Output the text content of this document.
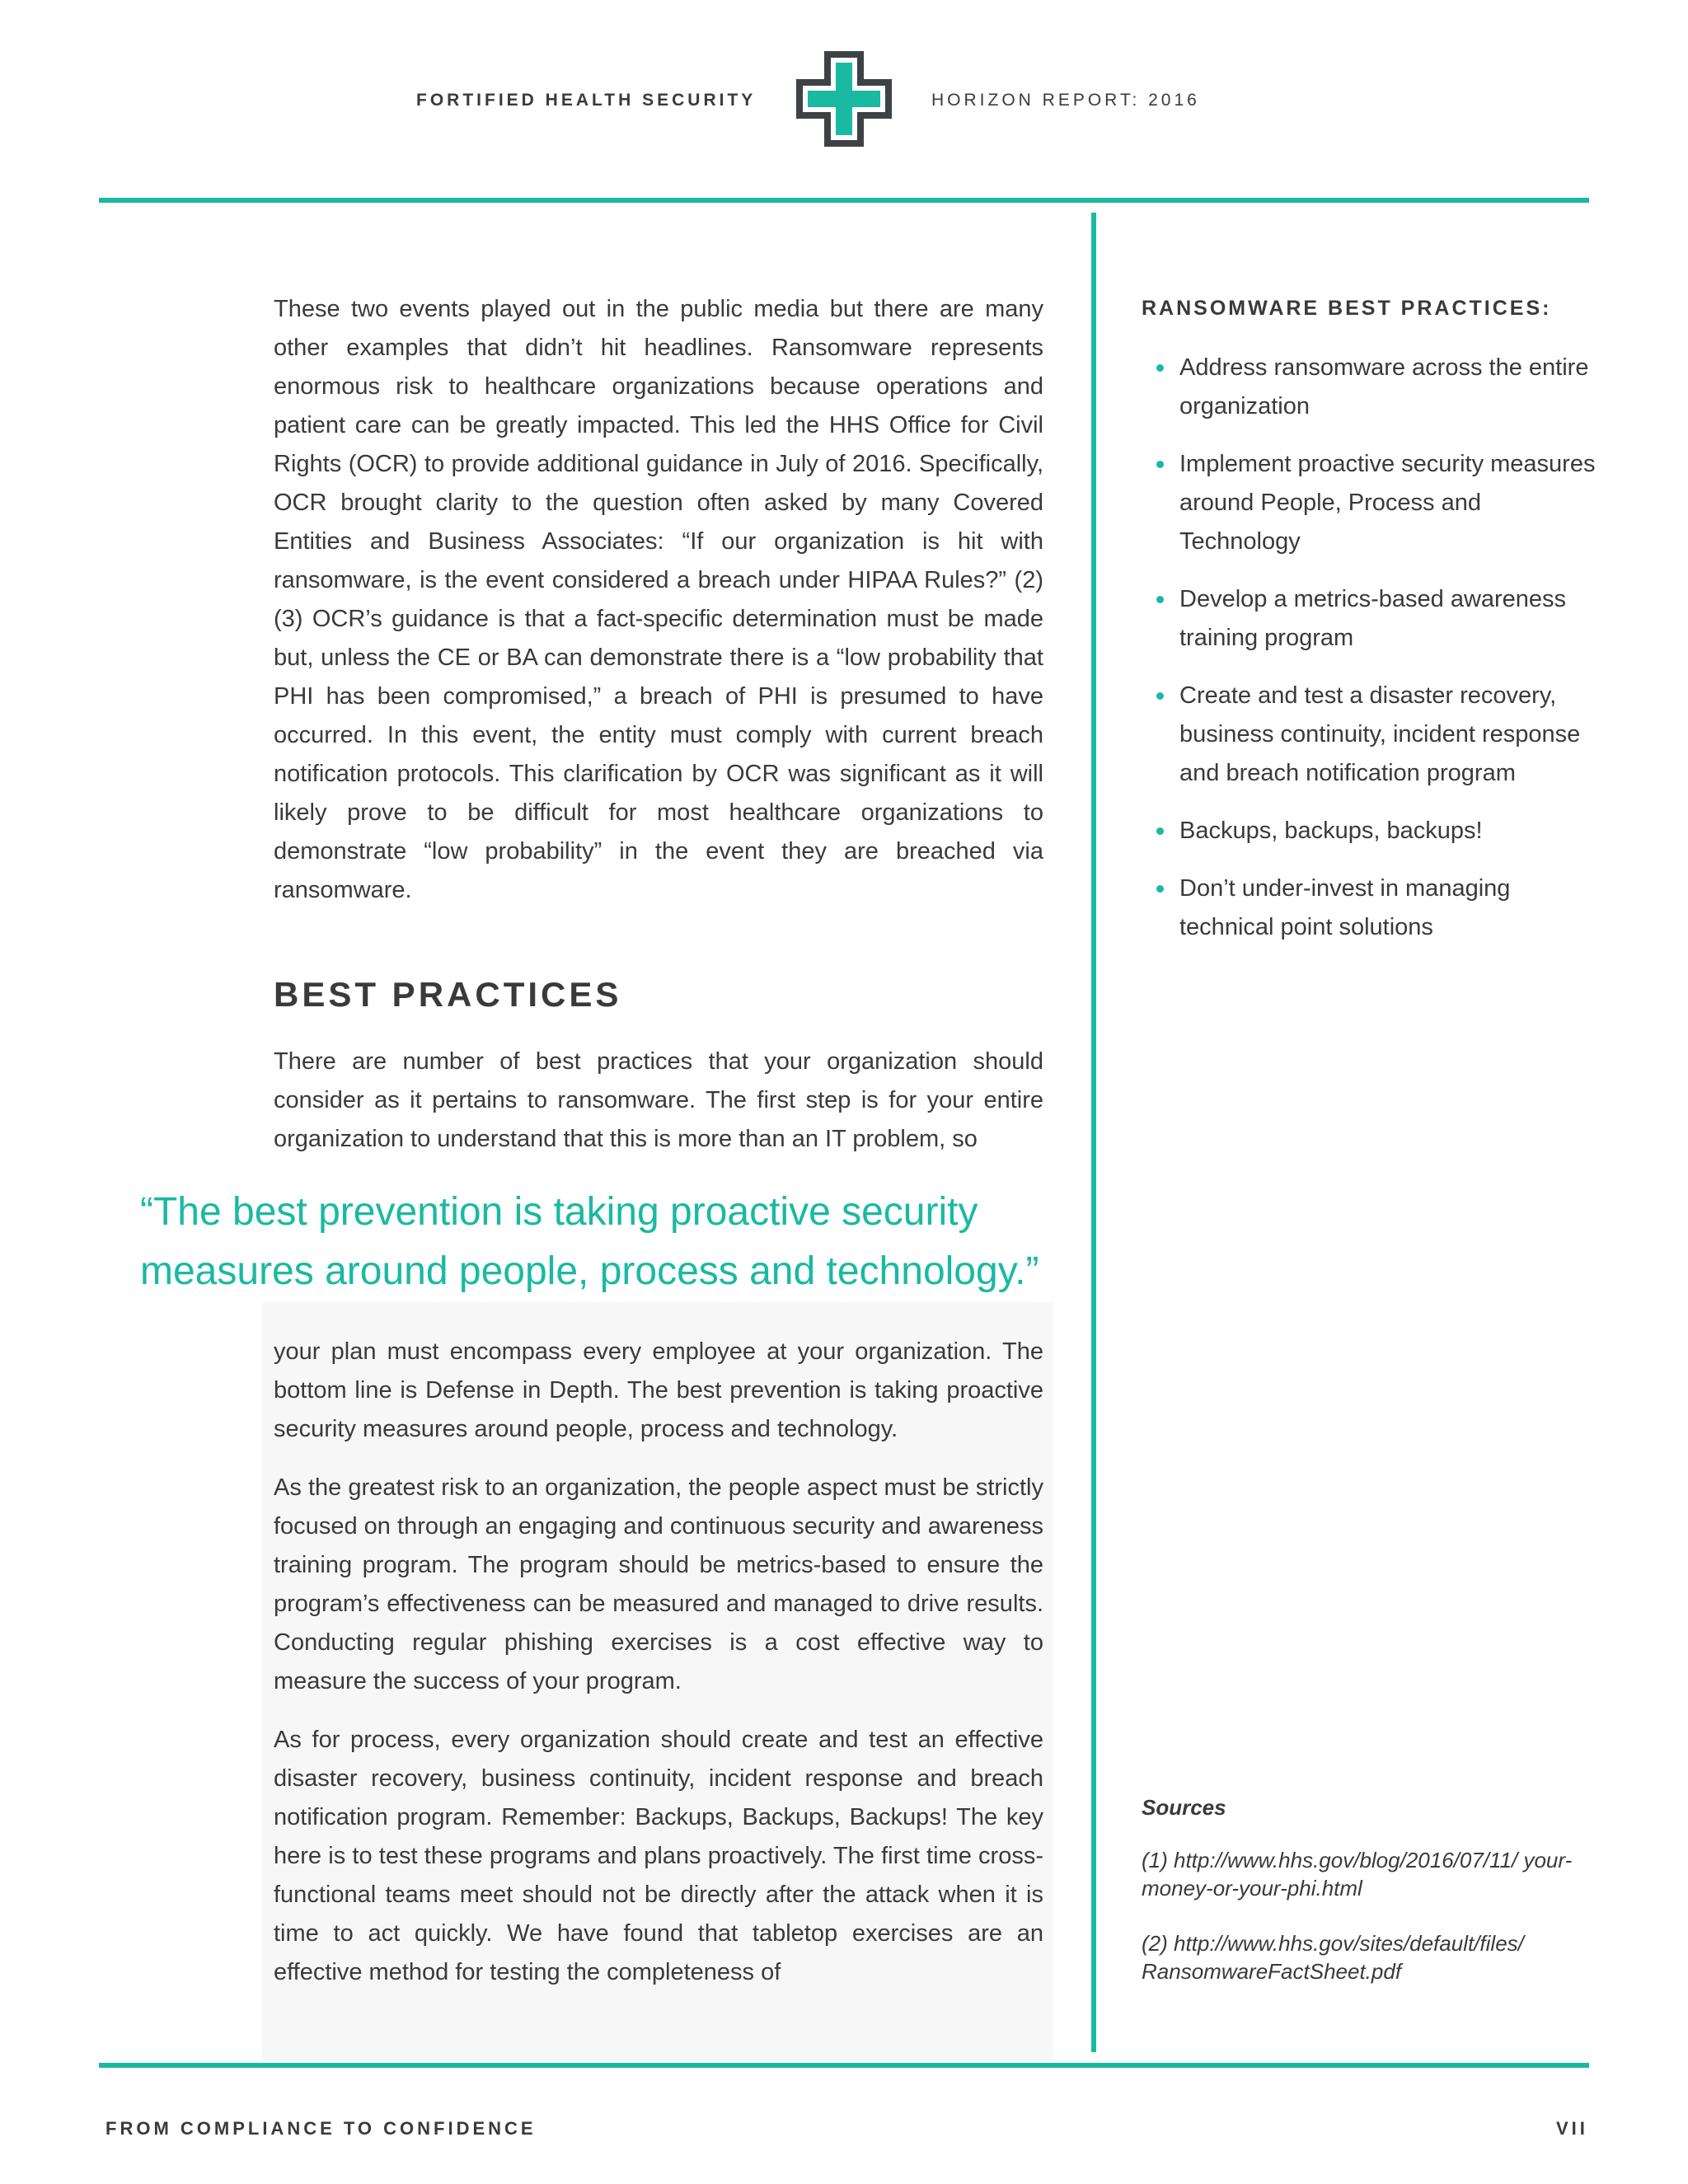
FORTIFIED HEALTH SECURITY	HORIZON REPORT: 2016

These two events played out in the public media but there are many other examples that didn’t hit headlines. Ransomware represents enormous risk to healthcare organizations because operations and patient care can be greatly impacted. This led the HHS Office for Civil Rights (OCR) to provide additional guidance in July of 2016. Specifically, OCR brought clarity to the question often asked by many Covered Entities and Business Associates: “If our organization is hit with ransomware, is the event considered a breach under HIPAA Rules?” (2) (3) OCR’s guidance is that a fact-specific determination must be made but, unless the CE or BA can demonstrate there is a “low probability that PHI has been compromised,” a breach of PHI is presumed to have occurred. In this event, the entity must comply with current breach notification protocols. This clarification by OCR was significant as it will likely prove to be difficult for most healthcare organizations to demonstrate “low probability” in the event they are breached via ransomware.

BEST PRACTICES

There are number of best practices that your organization should consider as it pertains to ransomware. The first step is for your entire organization to understand that this is more than an IT problem, so

“The best prevention is taking proactive security measures around people, process and technology.”

your plan must encompass every employee at your organization. The bottom line is Defense in Depth. The best prevention is taking proactive security measures around people, process and technology.

As the greatest risk to an organization, the people aspect must be strictly focused on through an engaging and continuous security and awareness training program. The program should be metrics-based to ensure the program’s effectiveness can be measured and managed to drive results. Conducting regular phishing exercises is a cost effective way to measure the success of your program.

As for process, every organization should create and test an effective disaster recovery, business continuity, incident response and breach notification program. Remember: Backups, Backups, Backups! The key here is to test these programs and plans proactively. The first time cross-functional teams meet should not be directly after the attack when it is time to act quickly. We have found that tabletop exercises are an effective method for testing the completeness of

RANSOMWARE BEST PRACTICES:
Address ransomware across the entire organization
Implement proactive security measures around People, Process and Technology
Develop a metrics-based awareness training program
Create and test a disaster recovery, business continuity, incident response and breach notification program
Backups, backups, backups!
Don’t under-invest in managing technical point solutions
Sources
(1) http://www.hhs.gov/blog/2016/07/11/ your-money-or-your-phi.html
(2) http://www.hhs.gov/sites/default/files/ RansomwareFactSheet.pdf
FROM COMPLIANCE TO CONFIDENCE	VII
